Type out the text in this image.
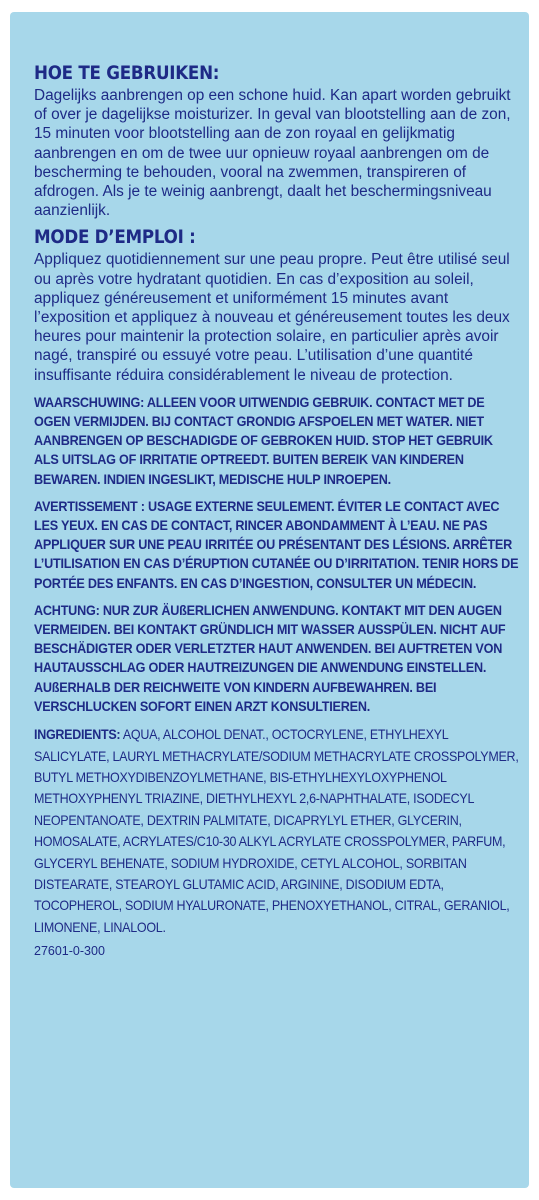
HOE TE GEBRUIKEN:

Dagelijks aanbrengen op een schone huid. Kan apart worden gebruikt of over je dagelijkse moisturizer. In geval van blootstelling aan de zon, 15 minuten voor blootstelling aan de zon royaal en gelijkmatig aanbrengen en om de twee uur opnieuw royaal aanbrengen om de bescherming te behouden, vooral na zwemmen, transpireren of afdrogen. Als je te weinig aanbrengt, daalt het beschermingsniveau aanzienlijk.

MODE D’EMPLOI :

Appliquez quotidiennement sur une peau propre. Peut être utilisé seul ou après votre hydratant quotidien. En cas d’exposition au soleil, appliquez généreusement et uniformément 15 minutes avant l’exposition et appliquez à nouveau et généreusement toutes les deux heures pour maintenir la protection solaire, en particulier après avoir nagé, transpiré ou essuyé votre peau. L’utilisation d’une quantité insuffisante réduira considérablement le niveau de protection.

WAARSCHUWING: ALLEEN VOOR UITWENDIG GEBRUIK. CONTACT MET DE OGEN VERMIJDEN. BIJ CONTACT GRONDIG AFSPOELEN MET WATER. NIET AANBRENGEN OP BESCHADIGDE OF GEBROKEN HUID. STOP HET GEBRUIK ALS UITSLAG OF IRRITATIE OPTREEDT. BUITEN BEREIK VAN KINDEREN BEWAREN. INDIEN INGESLIKT, MEDISCHE HULP INROEPEN.

AVERTISSEMENT : USAGE EXTERNE SEULEMENT. ÉVITER LE CONTACT AVEC LES YEUX. EN CAS DE CONTACT, RINCER ABONDAMMENT À L’EAU. NE PAS APPLIQUER SUR UNE PEAU IRRITÉE OU PRÉSENTANT DES LÉSIONS. ARRÊTER L’UTILISATION EN CAS D’ÉRUPTION CUTANÉE OU D’IRRITATION. TENIR HORS DE PORTÉE DES ENFANTS. EN CAS D’INGESTION, CONSULTER UN MÉDECIN.

ACHTUNG: NUR ZUR ÄUßERLICHEN ANWENDUNG. KONTAKT MIT DEN AUGEN VERMEIDEN. BEI KONTAKT GRÜNDLICH MIT WASSER AUSSPÜLEN. NICHT AUF BESCHÄDIGTER ODER VERLETZTER HAUT ANWENDEN. BEI AUFTRETEN VON HAUTAUSSCHLAG ODER HAUTREIZUNGEN DIE ANWENDUNG EINSTELLEN. AUßERHALB DER REICHWEITE VON KINDERN AUFBEWAHREN. BEI VERSCHLUCKEN SOFORT EINEN ARZT KONSULTIEREN.

INGREDIENTS: AQUA, ALCOHOL DENAT., OCTOCRYLENE, ETHYLHEXYL SALICYLATE, LAURYL METHACRYLATE/SODIUM METHACRYLATE CROSSPOLYMER, BUTYL METHOXYDIBENZOYLMETHANE, BIS-ETHYLHEXYLOXYPHENOL METHOXYPHENYL TRIAZINE, DIETHYLHEXYL 2,6-NAPHTHALATE, ISODECYL NEOPENTANOATE, DEXTRIN PALMITATE, DICAPRYLYL ETHER, GLYCERIN, HOMOSALATE, ACRYLATES/C10-30 ALKYL ACRYLATE CROSSPOLYMER, PARFUM, GLYCERYL BEHENATE, SODIUM HYDROXIDE, CETYL ALCOHOL, SORBITAN DISTEARATE, STEAROYL GLUTAMIC ACID, ARGININE, DISODIUM EDTA, TOCOPHEROL, SODIUM HYALURONATE, PHENOXYETHANOL, CITRAL, GERANIOL, LIMONENE, LINALOOL.

27601-0-300
